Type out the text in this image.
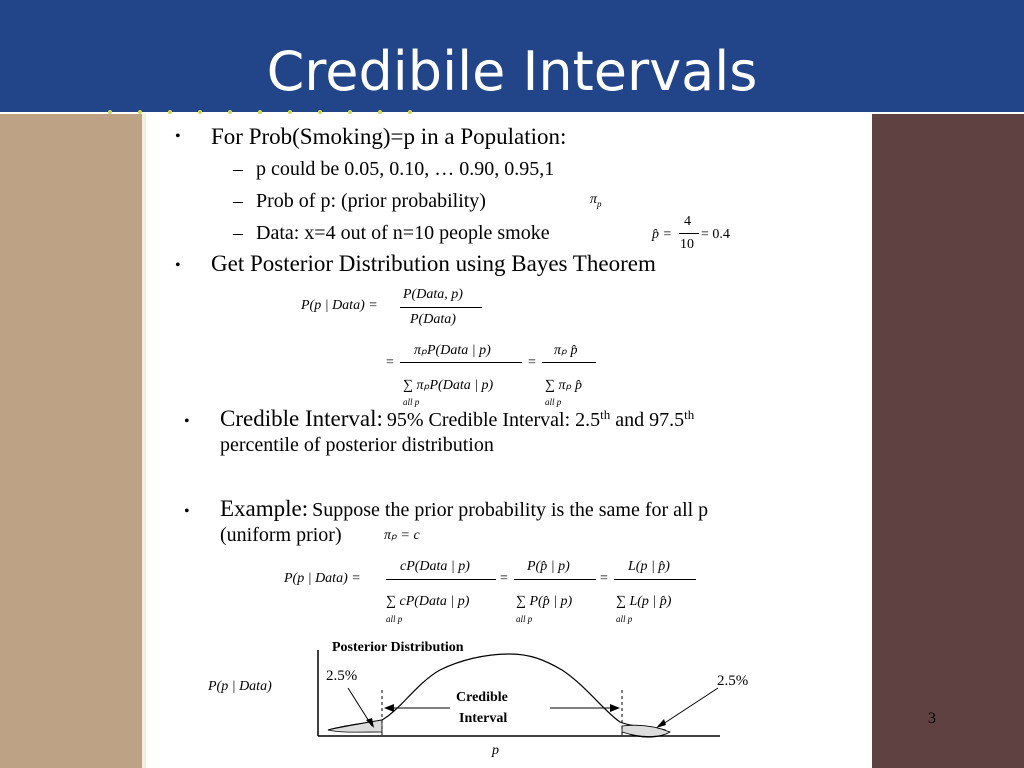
Credibile Intervals
• For Prob(Smoking)=p in a Population:
– p could be 0.05, 0.10, … 0.90, 0.95,1
– Prob of p: (prior probability)	$\pi_p$
– Data: x=4 out of n=10 people smoke	p̂ =
4
10
= 0.4
• Get Posterior Distribution using Bayes Theorem
P(p | Data) =
P(Data, p)
P(Data)
=
πₚP(Data | p)
∑ πₚP(Data | p)
all p
=
πₚ p̂
∑ πₚ p̂
all p
• Credible Interval: 95% Credible Interval: 2.5th and 97.5th
percentile of posterior distribution
• Example: Suppose the prior probability is the same for all p
(uniform prior)	πₚ = c
P(p | Data) =
cP(Data | p)
∑ cP(Data | p)
all p
=
P(p̂ | p)
∑ P(p̂ | p)
all p
=
L(p | p̂)
∑ L(p | p̂)
all p
Posterior Distribution
P(p | Data)
2.5%	2.5%
Credible
Interval
p
3
